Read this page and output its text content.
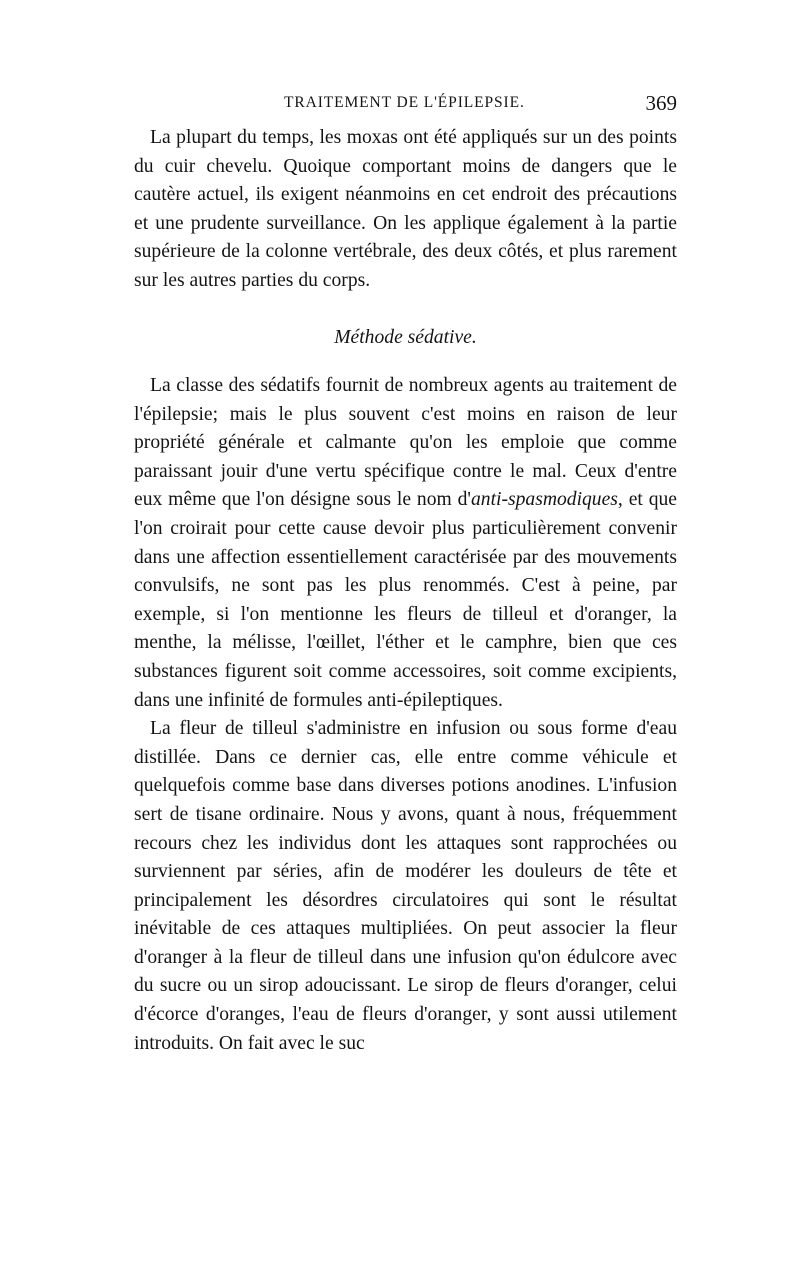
TRAITEMENT DE L'ÉPILEPSIE.	369

La plupart du temps, les moxas ont été appliqués sur un des points du cuir chevelu. Quoique comportant moins de dangers que le cautère actuel, ils exigent néanmoins en cet endroit des précautions et une prudente surveillance. On les applique également à la partie supérieure de la colonne vertébrale, des deux côtés, et plus rarement sur les autres parties du corps.

Méthode sédative.

La classe des sédatifs fournit de nombreux agents au traitement de l'épilepsie; mais le plus souvent c'est moins en raison de leur propriété générale et calmante qu'on les emploie que comme paraissant jouir d'une vertu spécifique contre le mal. Ceux d'entre eux même que l'on désigne sous le nom d'anti-spasmodiques, et que l'on croirait pour cette cause devoir plus particulièrement convenir dans une affection essentiellement caractérisée par des mouvements convulsifs, ne sont pas les plus renommés. C'est à peine, par exemple, si l'on mentionne les fleurs de tilleul et d'oranger, la menthe, la mélisse, l'œillet, l'éther et le camphre, bien que ces substances figurent soit comme accessoires, soit comme excipients, dans une infinité de formules anti-épileptiques.

La fleur de tilleul s'administre en infusion ou sous forme d'eau distillée. Dans ce dernier cas, elle entre comme véhicule et quelquefois comme base dans diverses potions anodines. L'infusion sert de tisane ordinaire. Nous y avons, quant à nous, fréquemment recours chez les individus dont les attaques sont rapprochées ou surviennent par séries, afin de modérer les douleurs de tête et principalement les désordres circulatoires qui sont le résultat inévitable de ces attaques multipliées. On peut associer la fleur d'oranger à la fleur de tilleul dans une infusion qu'on édulcore avec du sucre ou un sirop adoucissant. Le sirop de fleurs d'oranger, celui d'écorce d'oranges, l'eau de fleurs d'oranger, y sont aussi utilement introduits. On fait avec le suc
